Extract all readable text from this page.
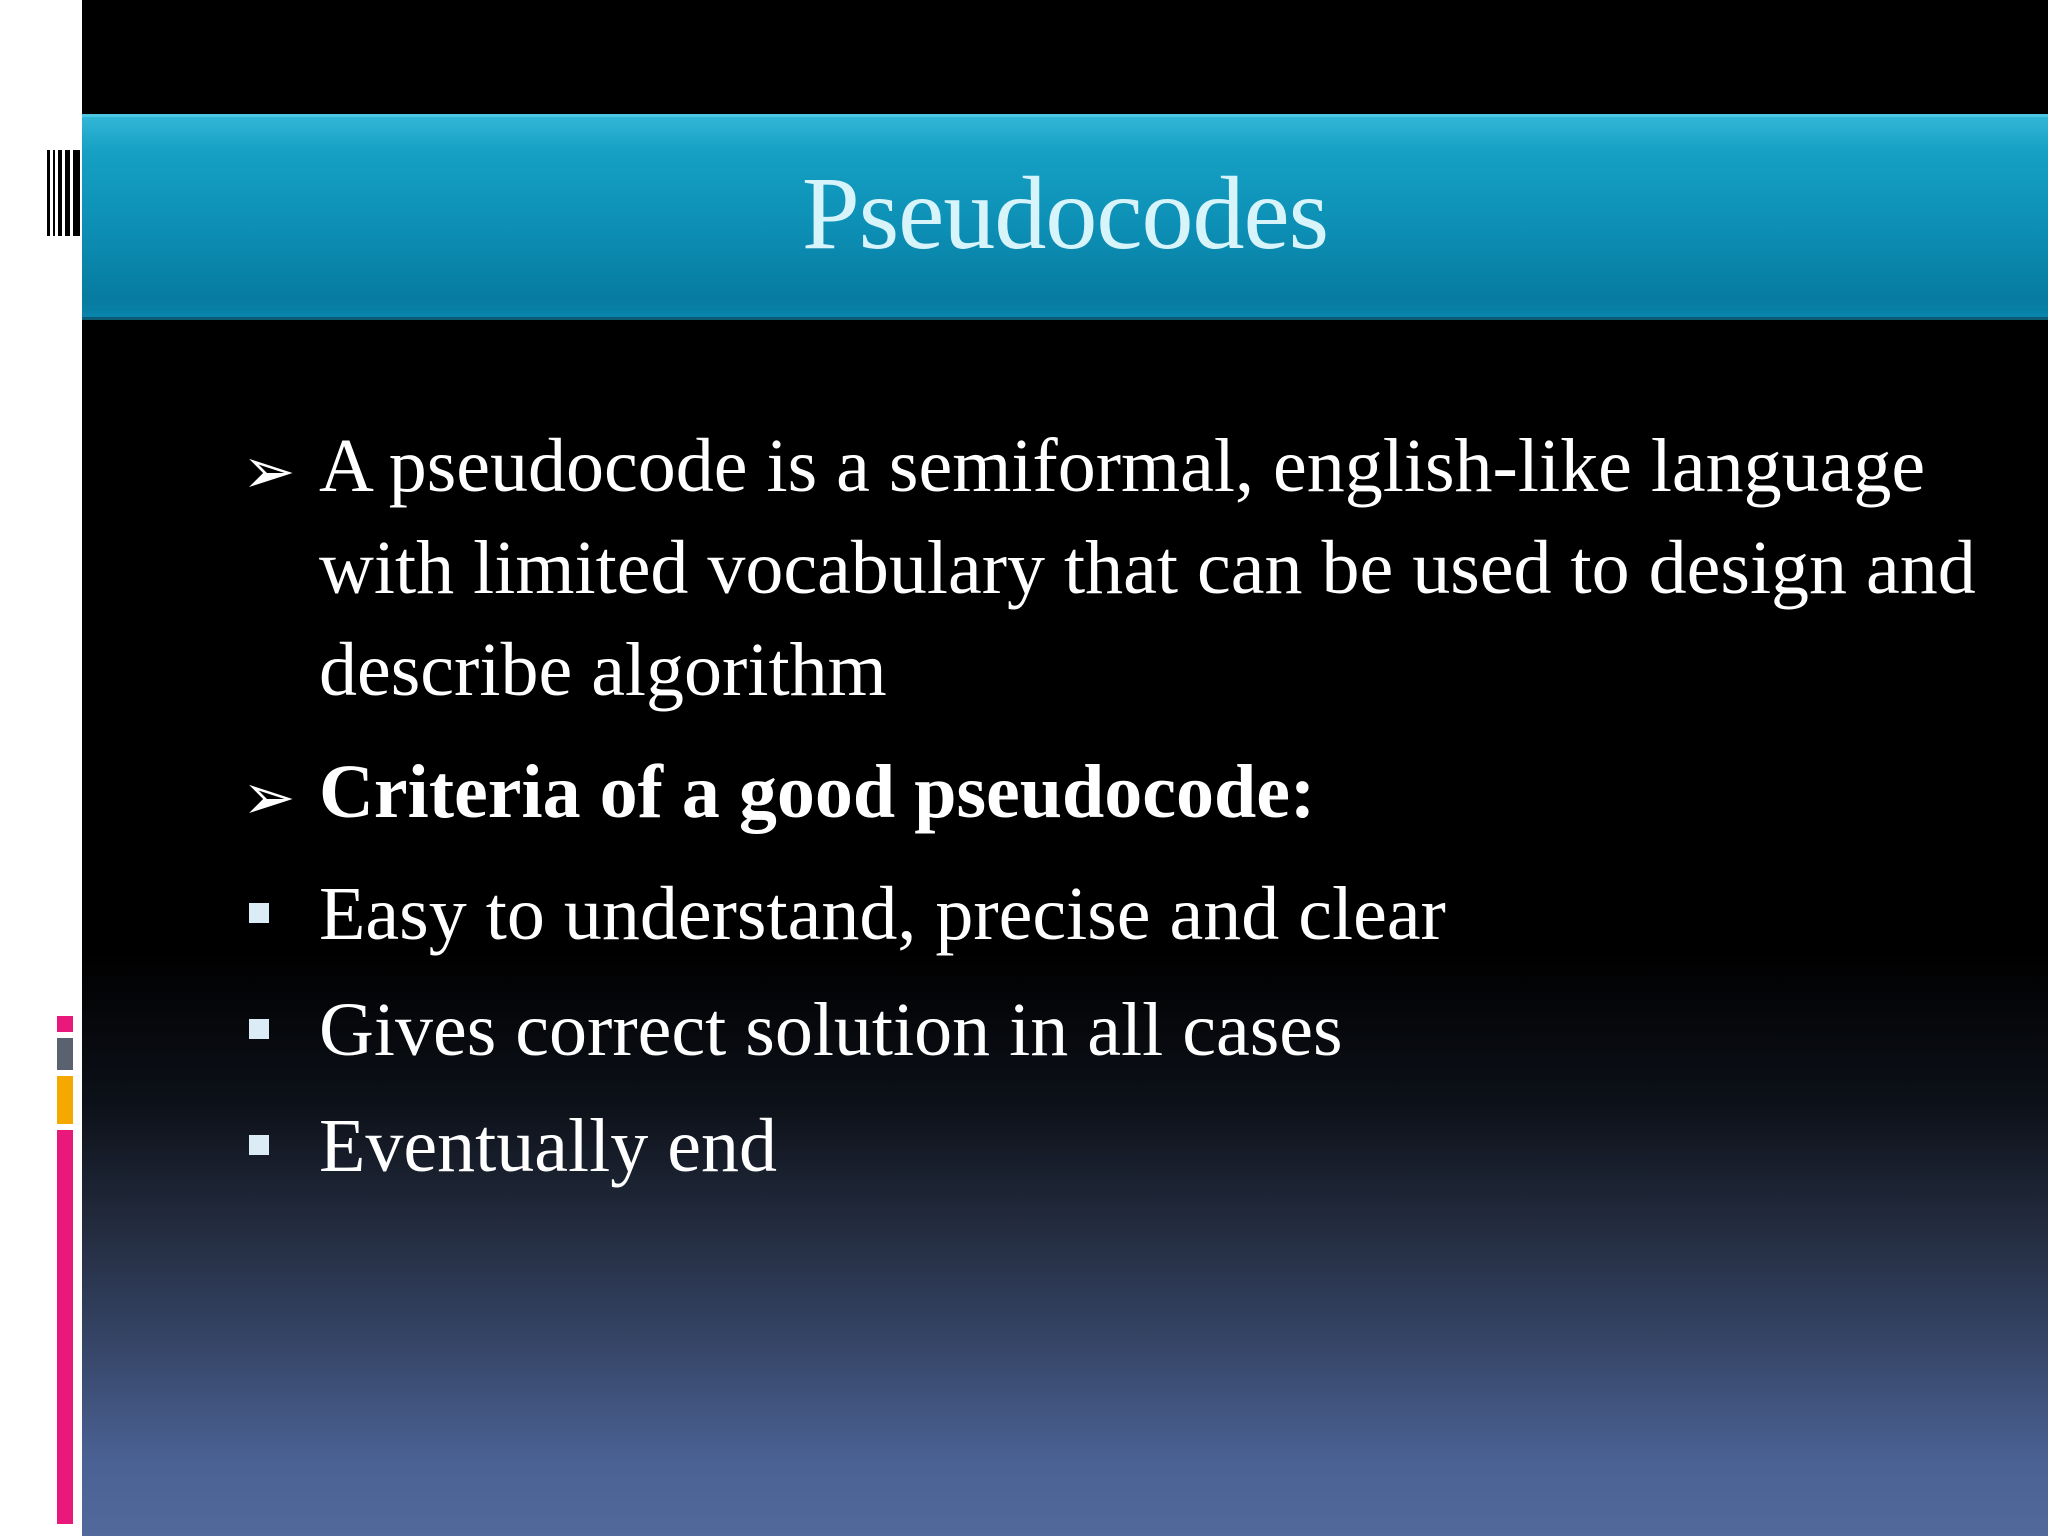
Pseudocodes
➢ A pseudocode is a semiformal, english-like language with limited vocabulary that can be used to design and describe algorithm
➢ Criteria of a good pseudocode:
Easy to understand, precise and clear
Gives correct solution in all cases
Eventually end
